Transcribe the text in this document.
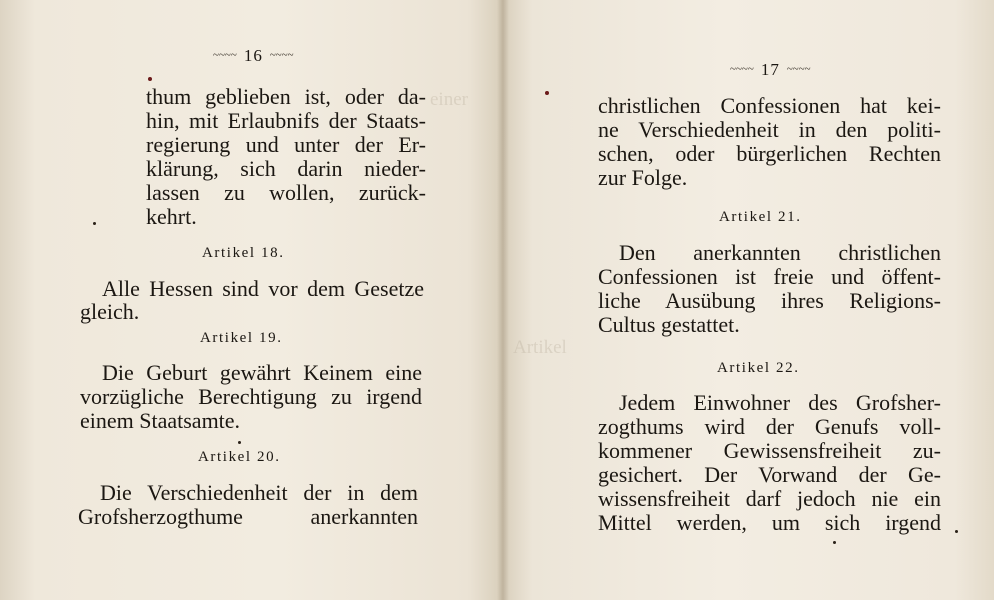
einer
~~~~ 16 ~~~~
thum geblieben ist, oder da-
hin, mit Erlaubnifs der Staats-
regierung und unter der Er-
klärung, sich darin nieder-
lassen zu wollen, zurück-
kehrt.
Artikel 18.
Alle Hessen sind vor dem Gesetze
gleich.
Artikel 19.
Die Geburt gewährt Keinem eine
vorzügliche Berechtigung zu irgend
einem Staatsamte.
Artikel 20.
Die Verschiedenheit der in dem
Grofsherzogthume anerkannten
Artikel
~~~~ 17 ~~~~
christlichen Confessionen hat kei-
ne Verschiedenheit in den politi-
schen, oder bürgerlichen Rechten
zur Folge.
Artikel 21.
Den anerkannten christlichen
Confessionen ist freie und öffent-
liche Ausübung ihres Religions-
Cultus gestattet.
Artikel 22.
Jedem Einwohner des Grofsher-
zogthums wird der Genufs voll-
kommener Gewissensfreiheit zu-
gesichert. Der Vorwand der Ge-
wissensfreiheit darf jedoch nie ein
Mittel werden, um sich irgend
